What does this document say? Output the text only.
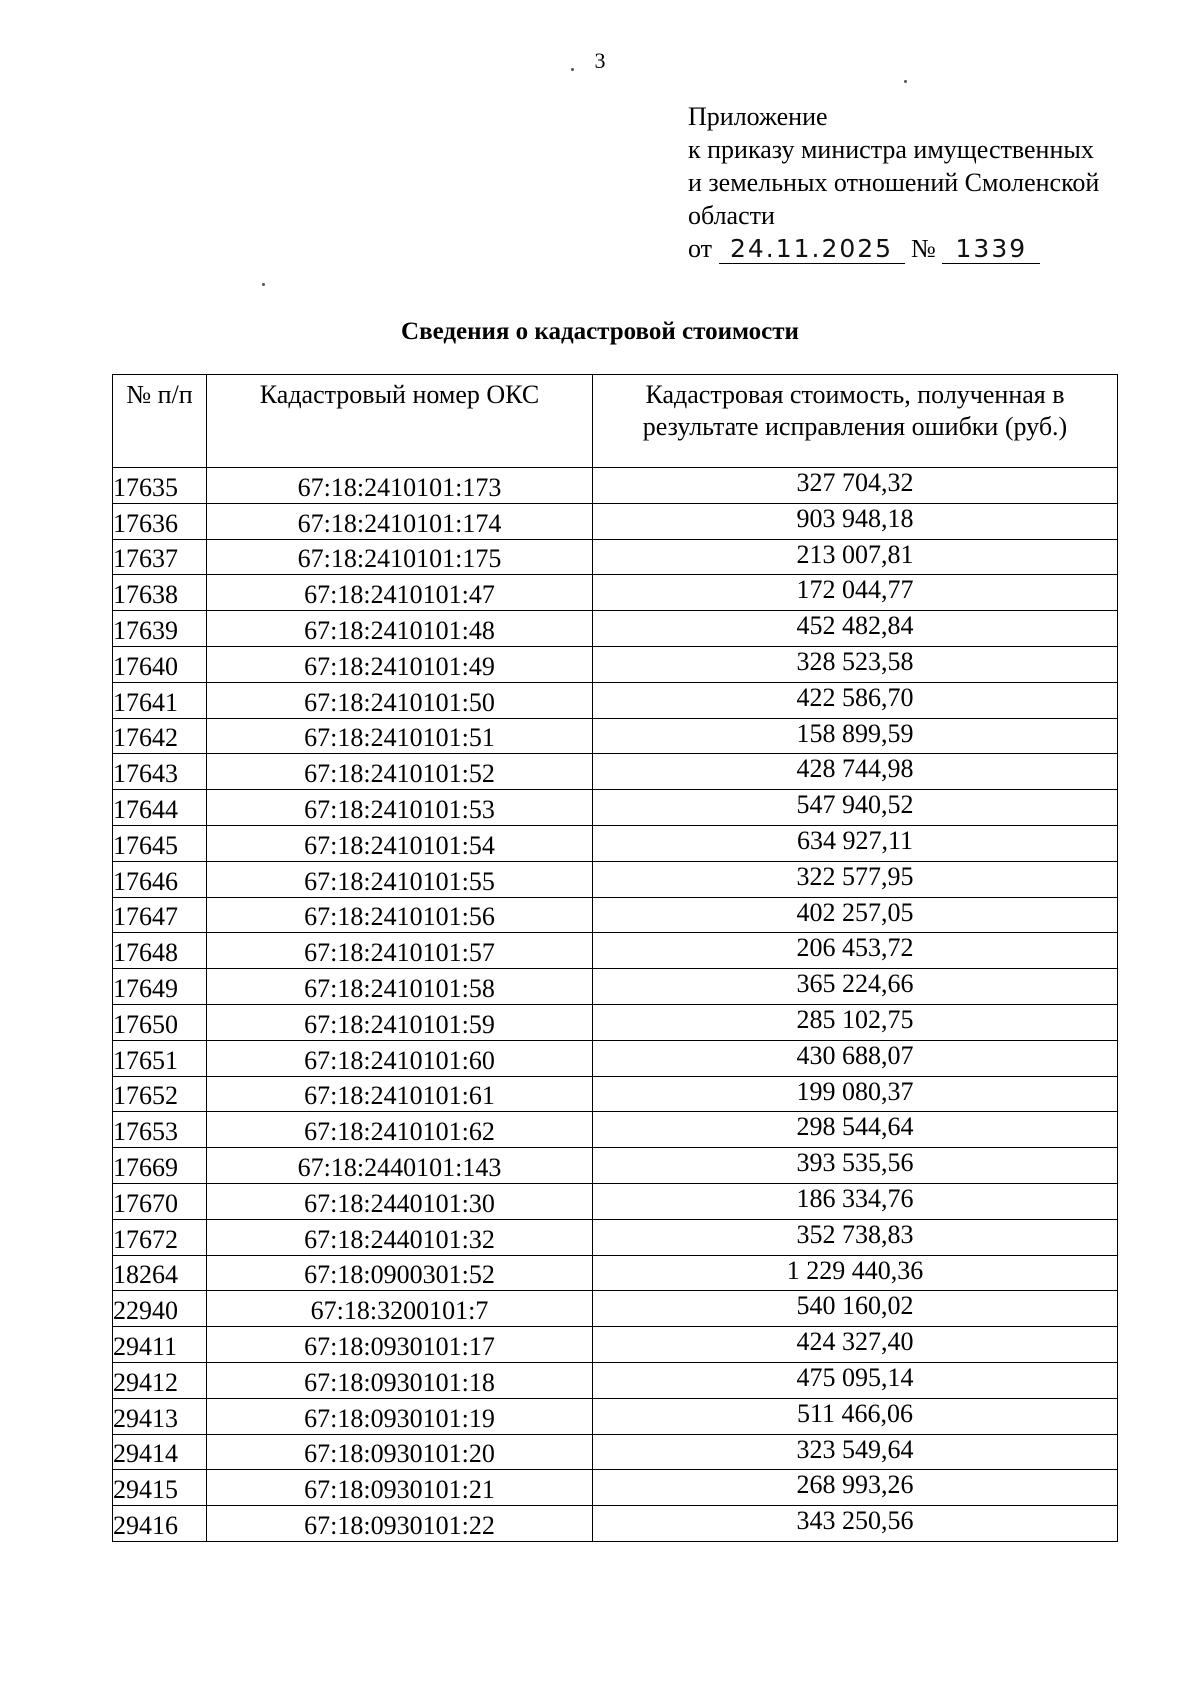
3
Приложение
к приказу министра имущественных
и земельных отношений Смоленской
области
от 24.11.2025 № 1339
Сведения о кадастровой стоимости
№ п/п	Кадастровый номер ОКС	Кадастровая стоимость, полученная в результате исправления ошибки (руб.)
17635	67:18:2410101:173	327 704,32
17636	67:18:2410101:174	903 948,18
17637	67:18:2410101:175	213 007,81
17638	67:18:2410101:47	172 044,77
17639	67:18:2410101:48	452 482,84
17640	67:18:2410101:49	328 523,58
17641	67:18:2410101:50	422 586,70
17642	67:18:2410101:51	158 899,59
17643	67:18:2410101:52	428 744,98
17644	67:18:2410101:53	547 940,52
17645	67:18:2410101:54	634 927,11
17646	67:18:2410101:55	322 577,95
17647	67:18:2410101:56	402 257,05
17648	67:18:2410101:57	206 453,72
17649	67:18:2410101:58	365 224,66
17650	67:18:2410101:59	285 102,75
17651	67:18:2410101:60	430 688,07
17652	67:18:2410101:61	199 080,37
17653	67:18:2410101:62	298 544,64
17669	67:18:2440101:143	393 535,56
17670	67:18:2440101:30	186 334,76
17672	67:18:2440101:32	352 738,83
18264	67:18:0900301:52	1 229 440,36
22940	67:18:3200101:7	540 160,02
29411	67:18:0930101:17	424 327,40
29412	67:18:0930101:18	475 095,14
29413	67:18:0930101:19	511 466,06
29414	67:18:0930101:20	323 549,64
29415	67:18:0930101:21	268 993,26
29416	67:18:0930101:22	343 250,56
